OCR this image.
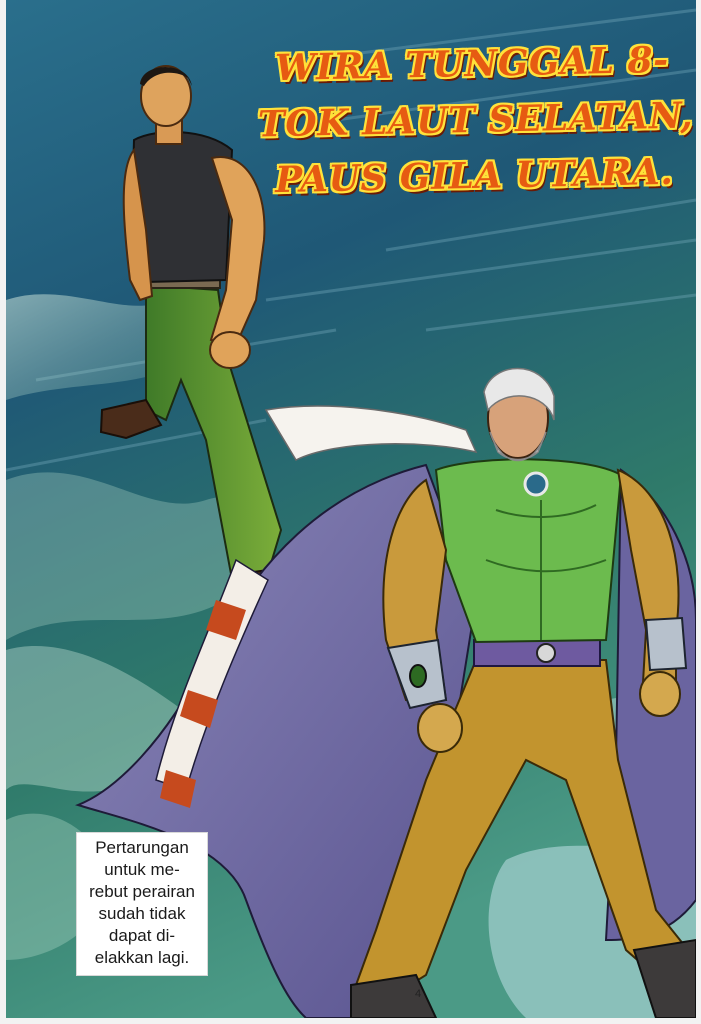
WIRA TUNGGAL 8-
TOK LAUT SELATAN,
PAUS GILA UTARA.
Pertarungan
untuk me-
rebut perairan
sudah tidak
dapat di-
elakkan lagi.
4
